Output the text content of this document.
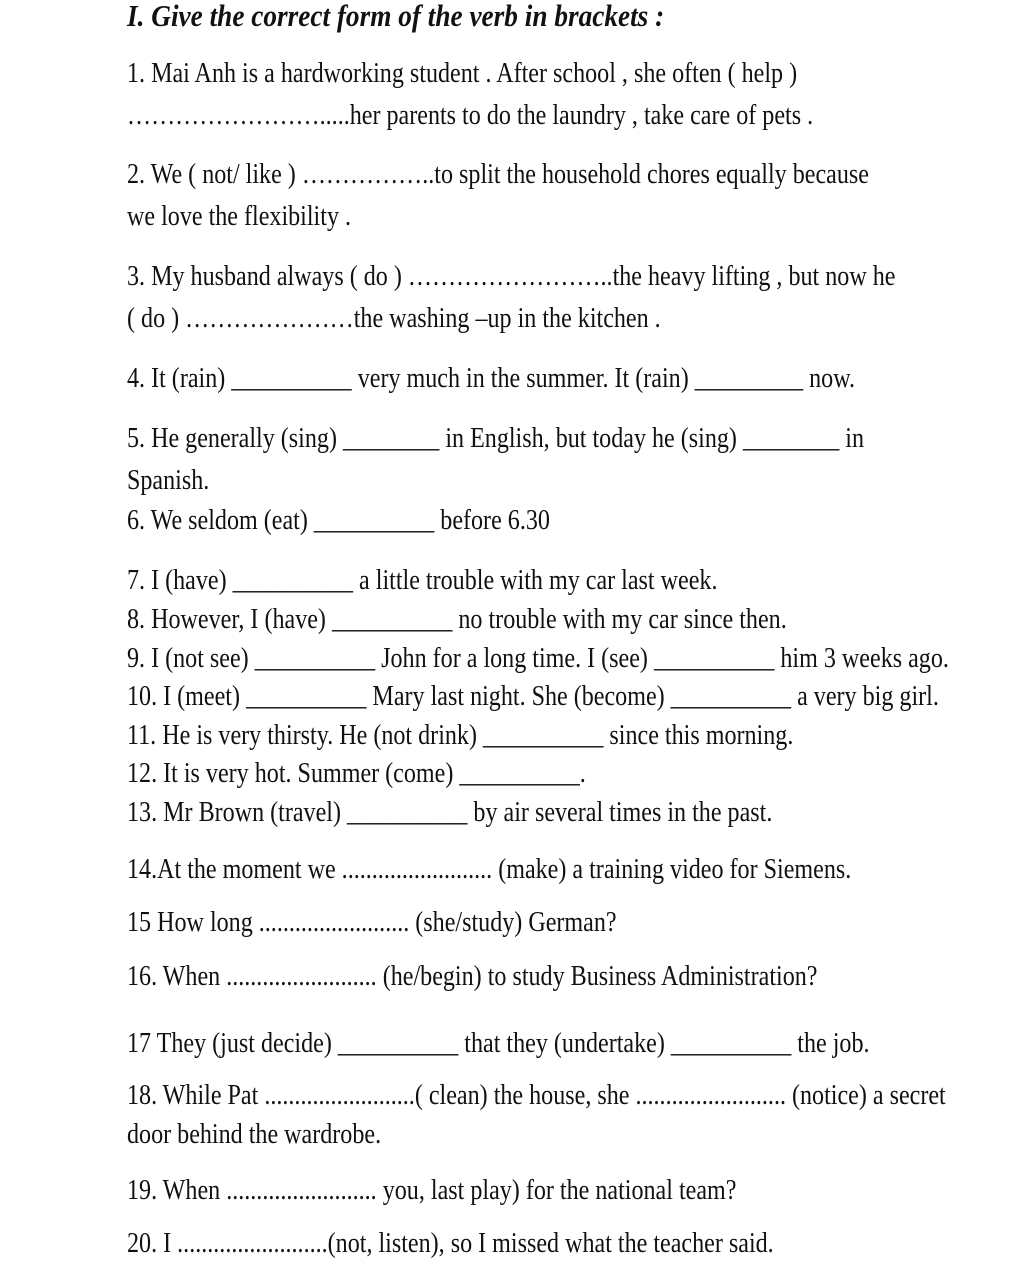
I. Give the correct form of the verb in brackets :
1. Mai Anh is a hardworking student . After school , she often ( help )
…………………….....her parents to do the laundry , take care of pets .
2. We ( not/ like ) ……………..to split the household chores equally because
we love the flexibility .
3. My husband always ( do ) ……………………..the heavy lifting , but now he
( do ) …………………the washing –up in the kitchen .
4. It (rain) __________ very much in the summer. It (rain) _________ now.
5. He generally (sing) ________ in English, but today he (sing) ________ in
Spanish.
6. We seldom (eat) __________ before 6.30
7. I (have) __________ a little trouble with my car last week.
8. However, I (have) __________ no trouble with my car since then.
9. I (not see) __________ John for a long time. I (see) __________ him 3 weeks ago.
10. I (meet) __________ Mary last night. She (become) __________ a very big girl.
11. He is very thirsty. He (not drink) __________ since this morning.
12. It is very hot. Summer (come) __________.
13. Mr Brown (travel) __________ by air several times in the past.
14.At the moment we ......................... (make) a training video for Siemens.
15 How long ......................... (she/study) German?
16. When ......................... (he/begin) to study Business Administration?
17 They (just decide) __________ that they (undertake) __________ the job.
18. While Pat .........................( clean) the house, she ......................... (notice) a secret
door behind the wardrobe.
19. When ......................... you, last play) for the national team?
20. I .........................(not, listen), so I missed what the teacher said.
